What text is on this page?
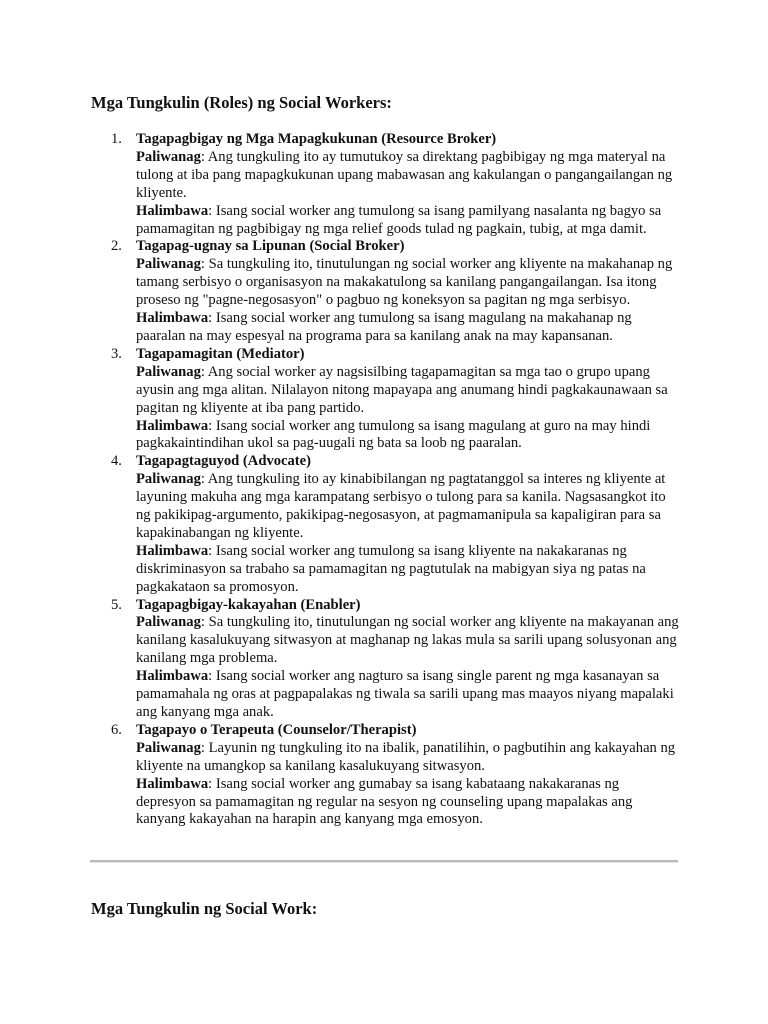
Mga Tungkulin (Roles) ng Social Workers:
1. Tagapagbigay ng Mga Mapagkukunan (Resource Broker)

Paliwanag: Ang tungkuling ito ay tumutukoy sa direktang pagbibigay ng mga materyal na tulong at iba pang mapagkukunan upang mabawasan ang kakulangan o pangangailangan ng kliyente.

Halimbawa: Isang social worker ang tumulong sa isang pamilyang nasalanta ng bagyo sa pamamagitan ng pagbibigay ng mga relief goods tulad ng pagkain, tubig, at mga damit.

2. Tagapag-ugnay sa Lipunan (Social Broker)

Paliwanag: Sa tungkuling ito, tinutulungan ng social worker ang kliyente na makahanap ng tamang serbisyo o organisasyon na makakatulong sa kanilang pangangailangan. Isa itong proseso ng "pagne-negosasyon" o pagbuo ng koneksyon sa pagitan ng mga serbisyo.

Halimbawa: Isang social worker ang tumulong sa isang magulang na makahanap ng paaralan na may espesyal na programa para sa kanilang anak na may kapansanan.

3. Tagapamagitan (Mediator)

Paliwanag: Ang social worker ay nagsisilbing tagapamagitan sa mga tao o grupo upang ayusin ang mga alitan. Nilalayon nitong mapayapa ang anumang hindi pagkakaunawaan sa pagitan ng kliyente at iba pang partido.

Halimbawa: Isang social worker ang tumulong sa isang magulang at guro na may hindi pagkakaintindihan ukol sa pag-uugali ng bata sa loob ng paaralan.

4. Tagapagtaguyod (Advocate)

Paliwanag: Ang tungkuling ito ay kinabibilangan ng pagtatanggol sa interes ng kliyente at layuning makuha ang mga karampatang serbisyo o tulong para sa kanila. Nagsasangkot ito ng pakikipag-argumento, pakikipag-negosasyon, at pagmamanipula sa kapaligiran para sa kapakinabangan ng kliyente.

Halimbawa: Isang social worker ang tumulong sa isang kliyente na nakakaranas ng diskriminasyon sa trabaho sa pamamagitan ng pagtutulak na mabigyan siya ng patas na pagkakataon sa promosyon.

5. Tagapagbigay-kakayahan (Enabler)

Paliwanag: Sa tungkuling ito, tinutulungan ng social worker ang kliyente na makayanan ang kanilang kasalukuyang sitwasyon at maghanap ng lakas mula sa sarili upang solusyonan ang kanilang mga problema.

Halimbawa: Isang social worker ang nagturo sa isang single parent ng mga kasanayan sa pamamahala ng oras at pagpapalakas ng tiwala sa sarili upang mas maayos niyang mapalaki ang kanyang mga anak.

6. Tagapayo o Terapeuta (Counselor/Therapist)

Paliwanag: Layunin ng tungkuling ito na ibalik, panatilihin, o pagbutihin ang kakayahan ng kliyente na umangkop sa kanilang kasalukuyang sitwasyon.

Halimbawa: Isang social worker ang gumabay sa isang kabataang nakakaranas ng depresyon sa pamamagitan ng regular na sesyon ng counseling upang mapalakas ang kanyang kakayahan na harapin ang kanyang mga emosyon.

Mga Tungkulin ng Social Work:
